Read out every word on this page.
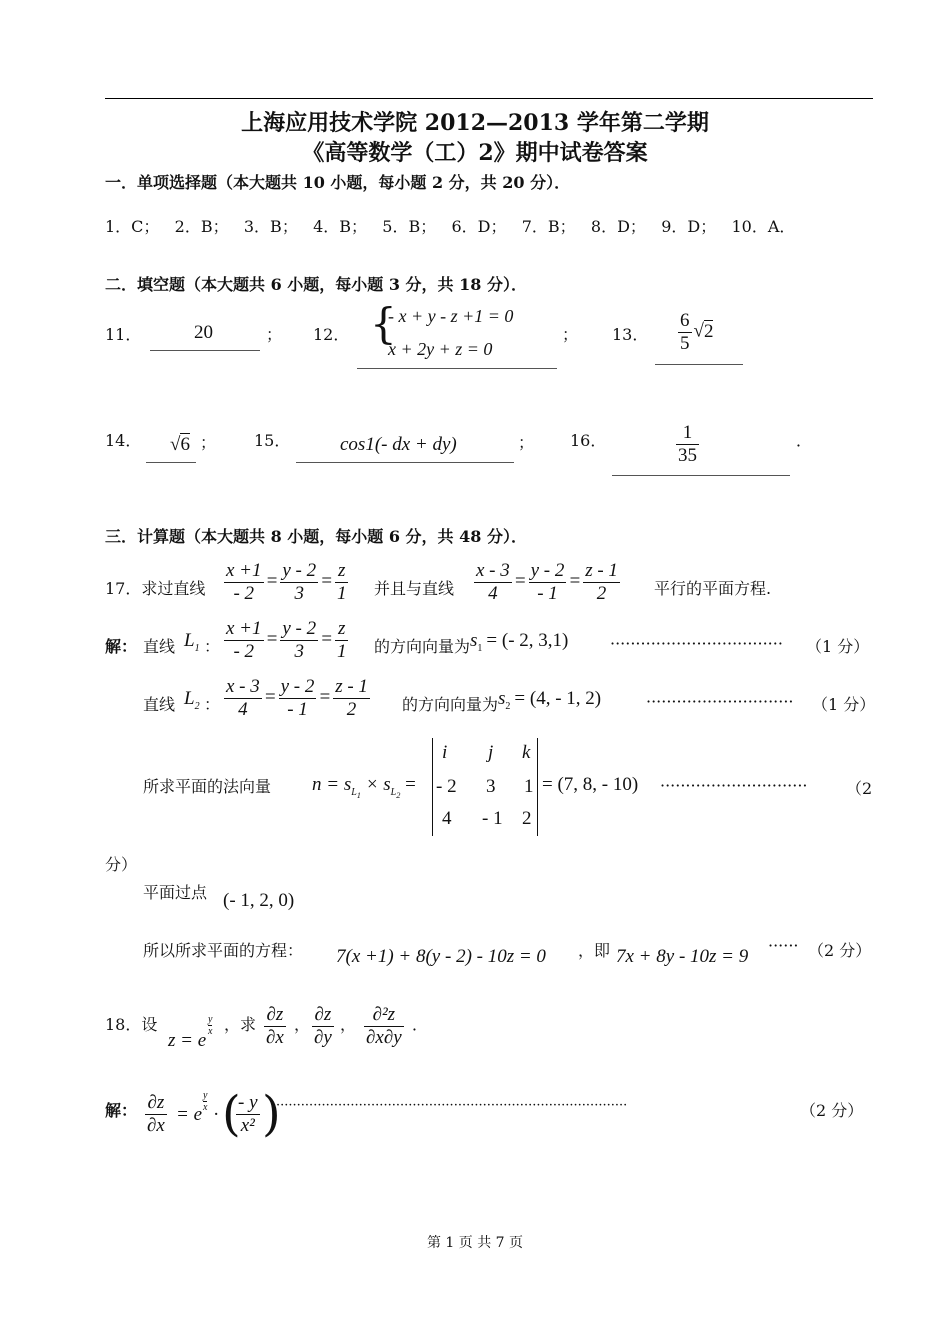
上海应用技术学院 2012—2013 学年第二学期
《高等数学（工）2》期中试卷答案
一．单项选择题（本大题共 10 小题，每小题 2 分，共 20 分）．
1．C；   2．B；   3．B；   4．B；   5．B；   6．D；   7．B；   8．D；   9．D；   10．A．
二．填空题（本大题共 6 小题，每小题 3 分，共 18 分）．
11．	20	； 12． {
- x + y - z +1 = 0
x + 2y + z = 0
； 13． $\frac{6}{5} √2$
14． √6 ； 15．	cos1(- dx + dy)	； 16．	$\frac{1}{35}$	．
三．计算题（本大题共 8 小题，每小题 6 分，共 48 分）．
17．求过直线 $\frac{x +1}{- 2} = \frac{y - 2}{3} = \frac{z}{1}$ 并且与直线 $\frac{x - 3}{4} = \frac{y - 2}{- 1} = \frac{z - 1}{2}$ 平行的平面方程.
解： 直线 $L_1$ ： $\frac{x +1}{- 2} = \frac{y - 2}{3} = \frac{z}{1}$ 的方向向量为 $s_1$ = (- 2, 3,1)	·································· （1 分）
直线 $L_2$ ： $\frac{x - 3}{4} = \frac{y - 2}{- 1} = \frac{z - 1}{2}$ 的方向向量为 $s_2 = (4$, - 1, 2)	····························· （1 分）
所求平面的法向量 $n = s_{L_1} \times s_{L_2}$ =
i j k
- 2 3 1
4 - 1 2
= (7, 8, - 10) ····························· （2
分）
平面过点 (- 1, 2, 0)
所以所求平面的方程： 7(x +1) + 8(y - 2) - 10z = 0 ，即 7x + 8y - 10z = 9
······ （2 分）
18．设
z = e
y
x ，求 $\frac{\partial z}{\partial x}$ ， $\frac{\partial z}{\partial y}$ ， $\frac{\text{∂²z}}{\partial x\partial y}$ ．
解： $\frac{\partial z}{\partial x} = e$
y
x · (
$\frac{- y}{\text{x²}}$ )
·····················································································	（2 分）
第 1 页 共 7 页
